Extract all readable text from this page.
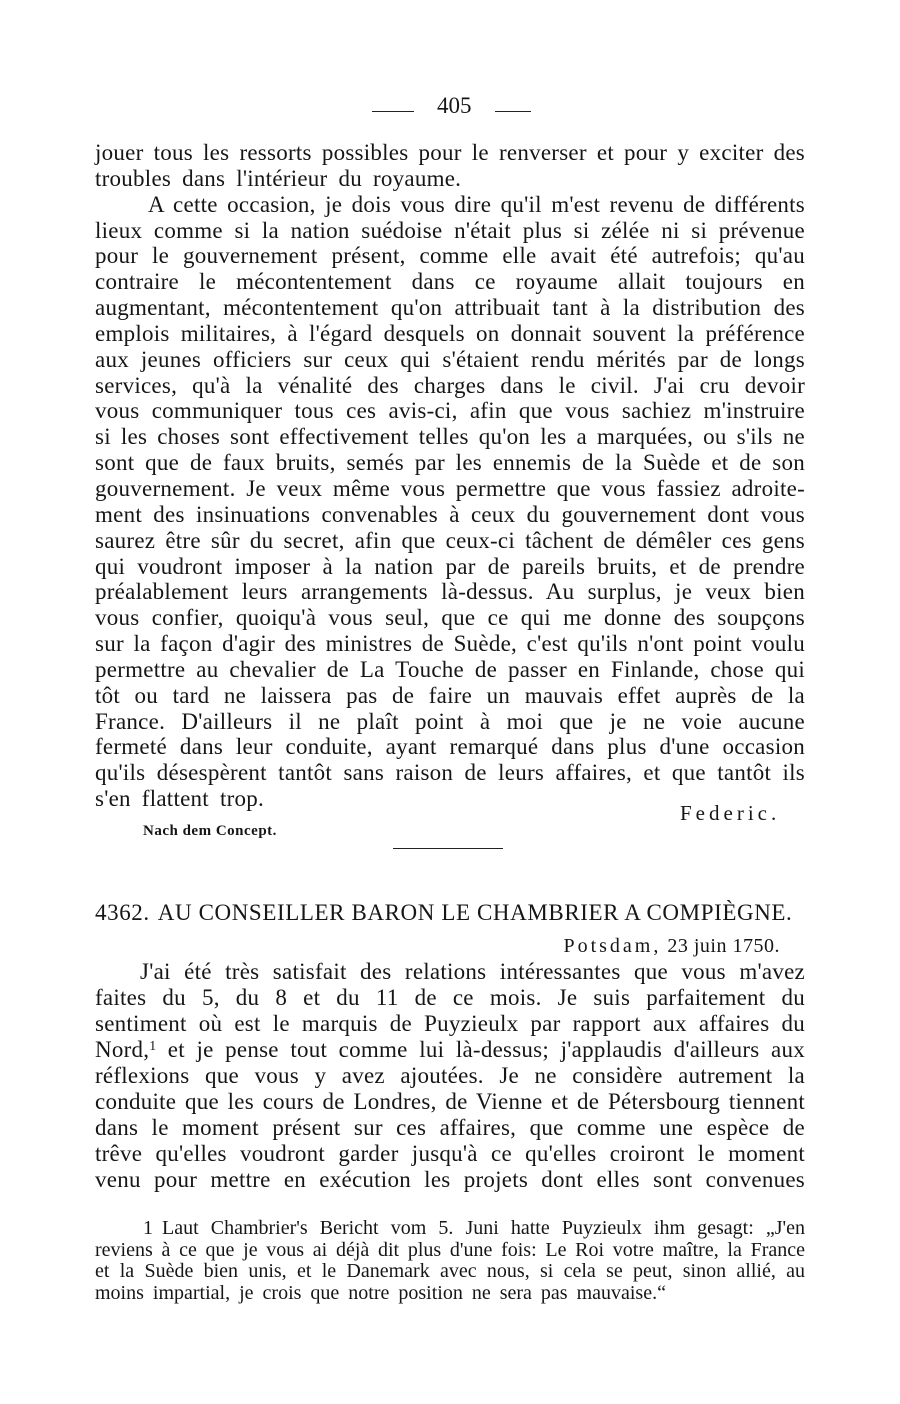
405
jouer tous les ressorts possibles pour le renverser et pour y exciter des
troubles dans l'intérieur du royaume.
A cette occasion, je dois vous dire qu'il m'est revenu de différents
lieux comme si la nation suédoise n'était plus si zélée ni si prévenue
pour le gouvernement présent, comme elle avait été autrefois; qu'au
contraire le mécontentement dans ce royaume allait toujours en
augmentant, mécontentement qu'on attribuait tant à la distribution des
emplois militaires, à l'égard desquels on donnait souvent la préférence
aux jeunes officiers sur ceux qui s'étaient rendu mérités par de longs
services, qu'à la vénalité des charges dans le civil. J'ai cru devoir
vous communiquer tous ces avis-ci, afin que vous sachiez m'instruire
si les choses sont effectivement telles qu'on les a marquées, ou s'ils ne
sont que de faux bruits, semés par les ennemis de la Suède et de son
gouvernement. Je veux même vous permettre que vous fassiez adroite-
ment des insinuations convenables à ceux du gouvernement dont vous
saurez être sûr du secret, afin que ceux-ci tâchent de démêler ces gens
qui voudront imposer à la nation par de pareils bruits, et de prendre
préalablement leurs arrangements là-dessus. Au surplus, je veux bien
vous confier, quoiqu'à vous seul, que ce qui me donne des soupçons
sur la façon d'agir des ministres de Suède, c'est qu'ils n'ont point voulu
permettre au chevalier de La Touche de passer en Finlande, chose qui
tôt ou tard ne laissera pas de faire un mauvais effet auprès de la
France. D'ailleurs il ne plaît point à moi que je ne voie aucune
fermeté dans leur conduite, ayant remarqué dans plus d'une occasion
qu'ils désespèrent tantôt sans raison de leurs affaires, et que tantôt ils
s'en flattent trop.
Federic.
Nach dem Concept.
4362. AU CONSEILLER BARON LE CHAMBRIER A COMPIÈGNE.
Potsdam, 23 juin 1750.
J'ai été très satisfait des relations intéressantes que vous m'avez
faites du 5, du 8 et du 11 de ce mois. Je suis parfaitement du
sentiment où est le marquis de Puyzieulx par rapport aux affaires du
Nord,$^1$ et je pense tout comme lui là-dessus; j'applaudis d'ailleurs aux
réflexions que vous y avez ajoutées. Je ne considère autrement la
conduite que les cours de Londres, de Vienne et de Pétersbourg tiennent
dans le moment présent sur ces affaires, que comme une espèce de
trêve qu'elles voudront garder jusqu'à ce qu'elles croiront le moment
venu pour mettre en exécution les projets dont elles sont convenues
1 Laut Chambrier's Bericht vom 5. Juni hatte Puyzieulx ihm gesagt: „J'en
reviens à ce que je vous ai déjà dit plus d'une fois: Le Roi votre maître, la France
et la Suède bien unis, et le Danemark avec nous, si cela se peut, sinon allié, au
moins impartial, je crois que notre position ne sera pas mauvaise.“
